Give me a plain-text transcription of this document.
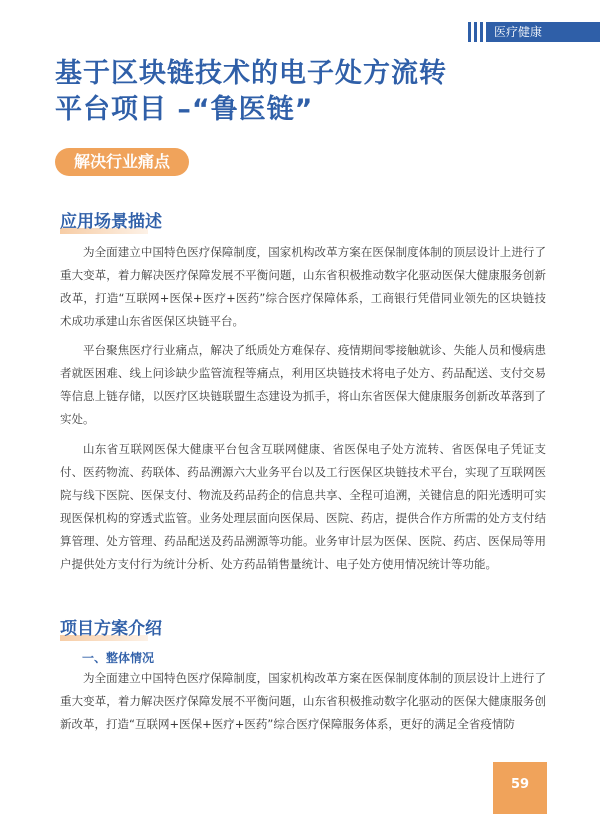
医疗健康
基于区块链技术的电子处方流转
平台项目 –“鲁医链”
解决行业痛点
应用场景描述

为全面建立中国特色医疗保障制度，国家机构改革方案在医保制度体制的顶层设计上进行了重大变革，着力解决医疗保障发展不平衡问题，山东省积极推动数字化驱动医保大健康服务创新改革，打造“互联网+医保+医疗+医药”综合医疗保障体系，工商银行凭借同业领先的区块链技术成功承建山东省医保区块链平台。

平台聚焦医疗行业痛点，解决了纸质处方难保存、疫情期间零接触就诊、失能人员和慢病患者就医困难、线上问诊缺少监管流程等痛点，利用区块链技术将电子处方、药品配送、支付交易等信息上链存储，以医疗区块链联盟生态建设为抓手，将山东省医保大健康服务创新改革落到了实处。

山东省互联网医保大健康平台包含互联网健康、省医保电子处方流转、省医保电子凭证支付、医药物流、药联体、药品溯源六大业务平台以及工行医保区块链技术平台，实现了互联网医院与线下医院、医保支付、物流及药品药企的信息共享、全程可追溯，关键信息的阳光透明可实现医保机构的穿透式监管。业务处理层面向医保局、医院、药店，提供合作方所需的处方支付结算管理、处方管理、药品配送及药品溯源等功能。业务审计层为医保、医院、药店、医保局等用户提供处方支付行为统计分析、处方药品销售量统计、电子处方使用情况统计等功能。

项目方案介绍
一、整体情况

为全面建立中国特色医疗保障制度，国家机构改革方案在医保制度体制的顶层设计上进行了重大变革，着力解决医疗保障发展不平衡问题，山东省积极推动数字化驱动的医保大健康服务创新改革，打造“互联网+医保+医疗+医药”综合医疗保障服务体系，更好的满足全省疫情防

59
